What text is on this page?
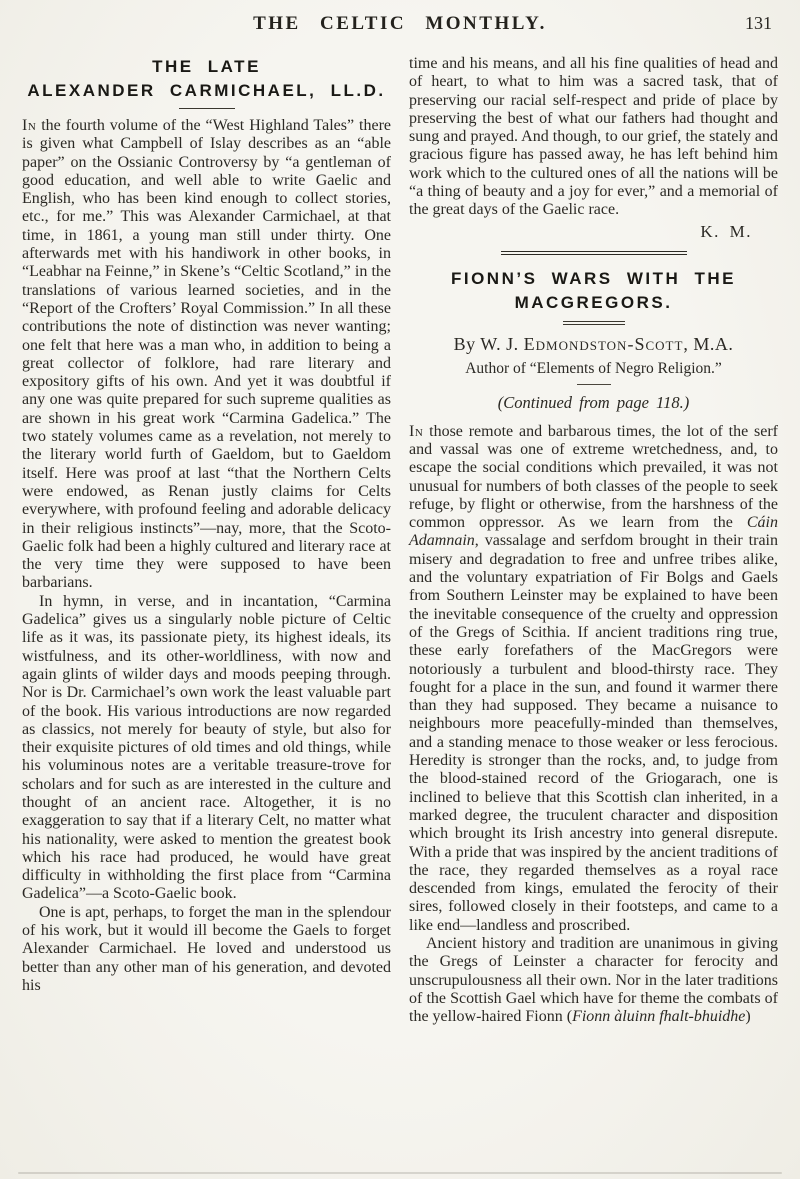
THE CELTIC MONTHLY.	131
THE LATE
ALEXANDER CARMICHAEL, LL.D.

In the fourth volume of the “West Highland Tales” there is given what Campbell of Islay describes as an “able paper” on the Ossianic Controversy by “a gentleman of good education, and well able to write Gaelic and English, who has been kind enough to collect stories, etc., for me.” This was Alexander Carmichael, at that time, in 1861, a young man still under thirty. One afterwards met with his handiwork in other books, in “Leabhar na Feinne,” in Skene’s “Celtic Scotland,” in the translations of various learned societies, and in the “Report of the Crofters’ Royal Commission.” In all these contributions the note of distinction was never wanting; one felt that here was a man who, in addition to being a great collector of folklore, had rare literary and expository gifts of his own. And yet it was doubtful if any one was quite prepared for such supreme qualities as are shown in his great work “Carmina Gadelica.” The two stately volumes came as a revelation, not merely to the literary world furth of Gaeldom, but to Gaeldom itself. Here was proof at last “that the Northern Celts were endowed, as Renan justly claims for Celts everywhere, with profound feeling and adorable delicacy in their religious instincts”—nay, more, that the Scoto-Gaelic folk had been a highly cultured and literary race at the very time they were supposed to have been barbarians.

In hymn, in verse, and in incantation, “Carmina Gadelica” gives us a singularly noble picture of Celtic life as it was, its passionate piety, its highest ideals, its wistfulness, and its other-worldliness, with now and again glints of wilder days and moods peeping through. Nor is Dr. Carmichael’s own work the least valuable part of the book. His various introductions are now regarded as classics, not merely for beauty of style, but also for their exquisite pictures of old times and old things, while his voluminous notes are a veritable treasure-trove for scholars and for such as are interested in the culture and thought of an ancient race. Altogether, it is no exaggeration to say that if a literary Celt, no matter what his nationality, were asked to mention the greatest book which his race had produced, he would have great difficulty in withholding the first place from “Carmina Gadelica”—a Scoto-Gaelic book.

One is apt, perhaps, to forget the man in the splendour of his work, but it would ill become the Gaels to forget Alexander Carmichael. He loved and understood us better than any other man of his generation, and devoted his

time and his means, and all his fine qualities of head and of heart, to what to him was a sacred task, that of preserving our racial self-respect and pride of place by preserving the best of what our fathers had thought and sung and prayed. And though, to our grief, the stately and gracious figure has passed away, he has left behind him work which to the cultured ones of all the nations will be “a thing of beauty and a joy for ever,” and a memorial of the great days of the Gaelic race.

K. M.

FIONN’S WARS WITH THE
MACGREGORS.

By W. J. Edmondston-Scott, M.A.

Author of “Elements of Negro Religion.”

(Continued from page 118.)

In those remote and barbarous times, the lot of the serf and vassal was one of extreme wretchedness, and, to escape the social conditions which prevailed, it was not unusual for numbers of both classes of the people to seek refuge, by flight or otherwise, from the harshness of the common oppressor. As we learn from the Cáin Adamnain, vassalage and serfdom brought in their train misery and degradation to free and unfree tribes alike, and the voluntary expatriation of Fir Bolgs and Gaels from Southern Leinster may be explained to have been the inevitable consequence of the cruelty and oppression of the Gregs of Scithia. If ancient traditions ring true, these early forefathers of the MacGregors were notoriously a turbulent and blood-thirsty race. They fought for a place in the sun, and found it warmer there than they had supposed. They became a nuisance to neighbours more peacefully-minded than themselves, and a standing menace to those weaker or less ferocious. Heredity is stronger than the rocks, and, to judge from the blood-stained record of the Griogarach, one is inclined to believe that this Scottish clan inherited, in a marked degree, the truculent character and disposition which brought its Irish ancestry into general disrepute. With a pride that was inspired by the ancient traditions of the race, they regarded themselves as a royal race descended from kings, emulated the ferocity of their sires, followed closely in their footsteps, and came to a like end—landless and proscribed.

Ancient history and tradition are unanimous in giving the Gregs of Leinster a character for ferocity and unscrupulousness all their own. Nor in the later traditions of the Scottish Gael which have for theme the combats of the yellow-haired Fionn (Fionn àluinn fhalt-bhuidhe)
